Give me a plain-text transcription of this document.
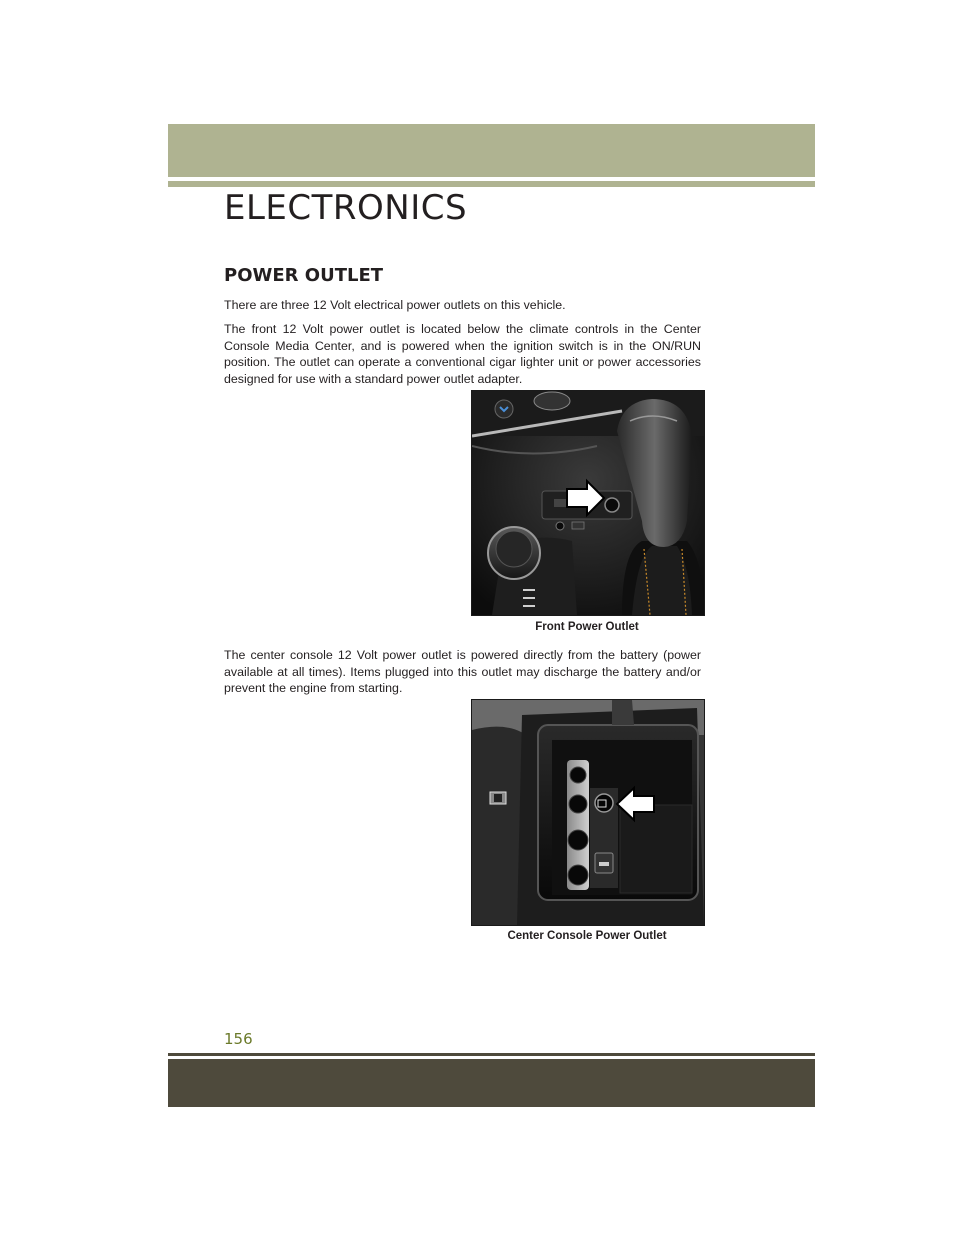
ELECTRONICS
POWER OUTLET

There are three 12 Volt electrical power outlets on this vehicle.

The front 12 Volt power outlet is located below the climate controls in the Center Console Media Center, and is powered when the ignition switch is in the ON/RUN position. The outlet can operate a conventional cigar lighter unit or power accessories designed for use with a standard power outlet adapter.

Front Power Outlet

The center console 12 Volt power outlet is powered directly from the battery (power available at all times). Items plugged into this outlet may discharge the battery and/or prevent the engine from starting.

Center Console Power Outlet

156
